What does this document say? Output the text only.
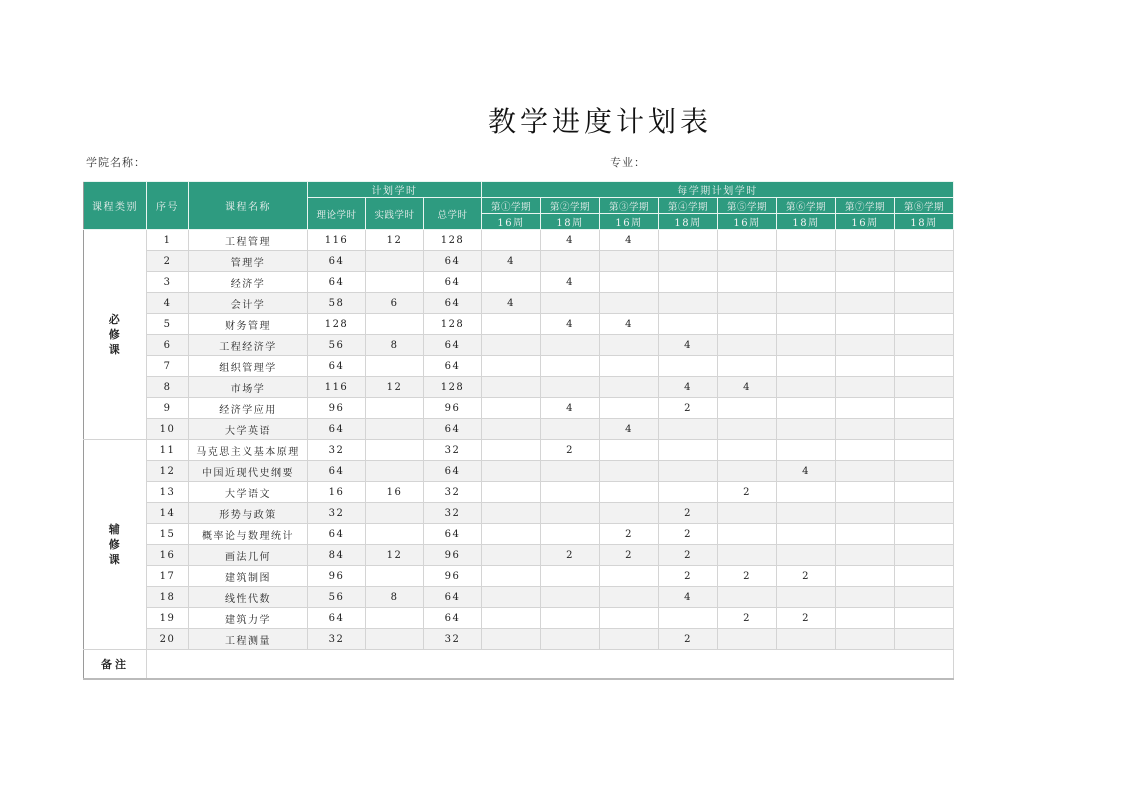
教学进度计划表
学院名称：	专业：
课程类别	序号	课程名称	计划学时			每学期计划学时							
			理论学时	实践学时	总学时	第①学期	第②学期	第③学期	第④学期	第⑤学期	第⑥学期	第⑦学期	第⑧学期
						16周	18周	16周	18周	16周	18周	16周	18周
必
修
课	1	工程管理	116	12	128		4	4					
	2	管理学	64		64	4							
	3	经济学	64		64		4						
	4	会计学	58	6	64	4							
	5	财务管理	128		128		4	4					
	6	工程经济学	56	8	64				4				
	7	组织管理学	64		64								
	8	市场学	116	12	128				4	4			
	9	经济学应用	96		96		4		2				
	10	大学英语	64		64			4					
辅
修
课	11	马克思主义基本原理	32		32		2						
	12	中国近现代史纲要	64		64						4		
	13	大学语文	16	16	32					2			
	14	形势与政策	32		32				2				
	15	概率论与数理统计	64		64			2	2				
	16	画法几何	84	12	96		2	2	2				
	17	建筑制图	96		96				2	2	2		
	18	线性代数	56	8	64				4				
	19	建筑力学	64		64					2	2		
	20	工程测量	32		32				2				
备注													
